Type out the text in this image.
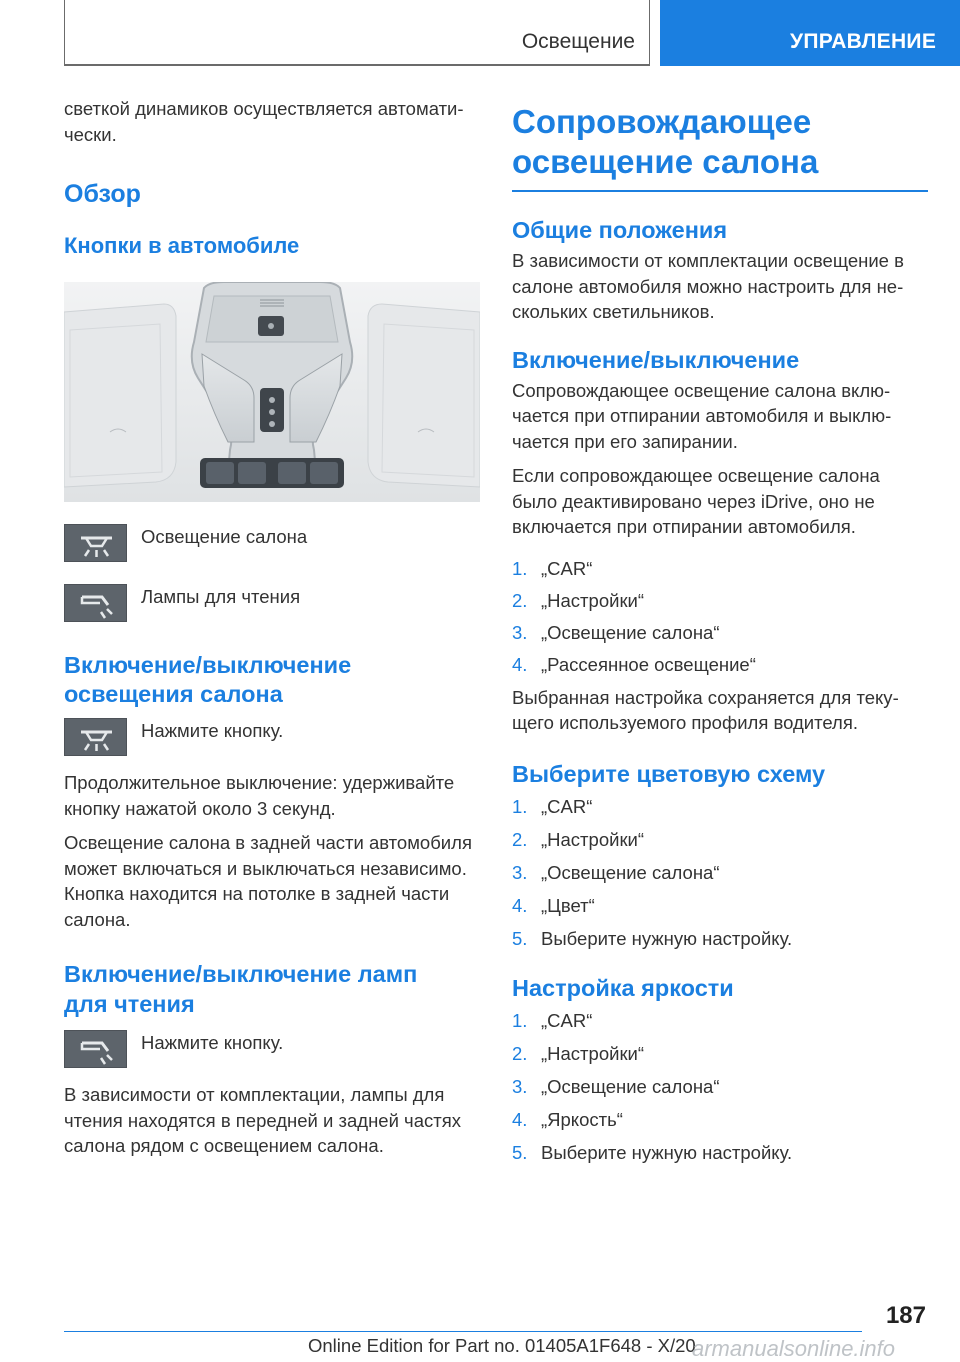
Освещение	УПРАВЛЕНИЕ

светкой динамиков осуществляется автоматически.

Обзор
Кнопки в автомобиле
Освещение салона
Лампы для чтения
Включение/выключение освещения салона
Нажмите кнопку.

Продолжительное выключение: удерживайте кнопку нажатой около 3 секунд.

Освещение салона в задней части автомобиля может включаться и выключаться независимо. Кнопка находится на потолке в задней части салона.

Включение/выключение ламп для чтения
Нажмите кнопку.

В зависимости от комплектации, лампы для чтения находятся в передней и задней частях салона рядом с освещением салона.

Сопровождающее освещение салона
Общие положения

В зависимости от комплектации освещение в салоне автомобиля можно настроить для нескольких светильников.

Включение/выключение

Сопровождающее освещение салона включается при отпирании автомобиля и выключается при его запирании.

Если сопровождающее освещение салона было деактивировано через iDrive, оно не включается при отпирании автомобиля.

1. „CAR“
2. „Настройки“
3. „Освещение салона“
4. „Рассеянное освещение“

Выбранная настройка сохраняется для текущего используемого профиля водителя.

Выберите цветовую схему
1. „CAR“
2. „Настройки“
3. „Освещение салона“
4. „Цвет“
5. Выберите нужную настройку.
Настройка яркости
1. „CAR“
2. „Настройки“
3. „Освещение салона“
4. „Яркость“
5. Выберите нужную настройку.
187
Online Edition for Part no. 01405A1F648 - X/20
armanualsonline.info
